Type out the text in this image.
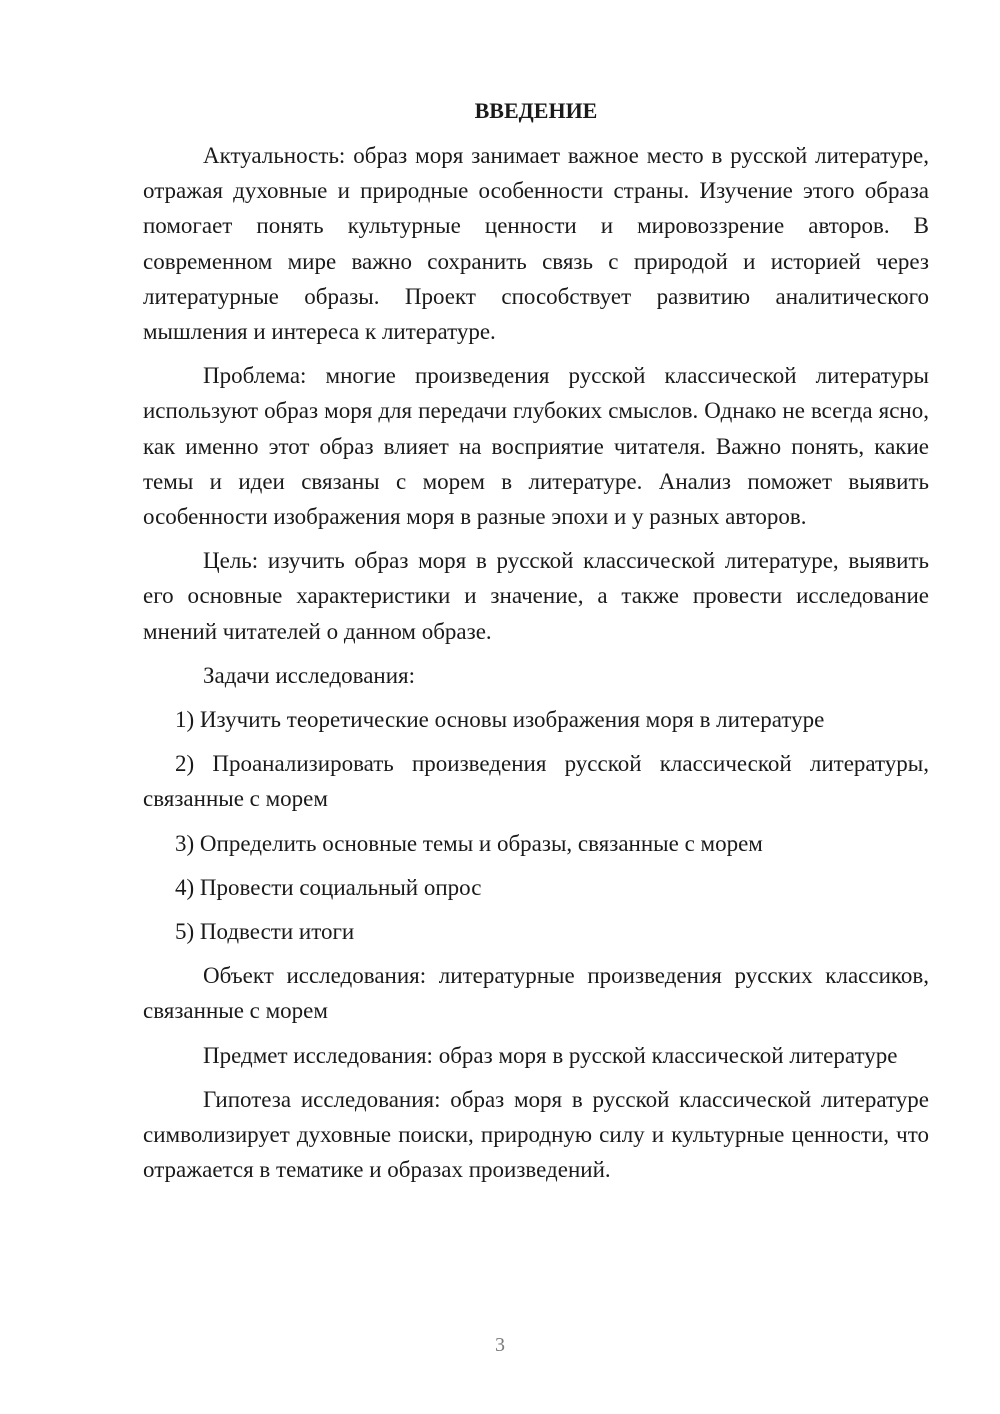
ВВЕДЕНИЕ

Актуальность: образ моря занимает важное место в русской литературе, отражая духовные и природные особенности страны. Изучение этого образа помогает понять культурные ценности и мировоззрение авторов. В современном мире важно сохранить связь с природой и историей через литературные образы. Проект способствует развитию аналитического мышления и интереса к литературе.

Проблема: многие произведения русской классической литературы используют образ моря для передачи глубоких смыслов. Однако не всегда ясно, как именно этот образ влияет на восприятие читателя. Важно понять, какие темы и идеи связаны с морем в литературе. Анализ поможет выявить особенности изображения моря в разные эпохи и у разных авторов.

Цель: изучить образ моря в русской классической литературе, выявить его основные характеристики и значение, а также провести исследование мнений читателей о данном образе.

Задачи исследования:

1) Изучить теоретические основы изображения моря в литературе

2) Проанализировать произведения русской классической литературы, связанные с морем

3) Определить основные темы и образы, связанные с морем

4) Провести социальный опрос

5) Подвести итоги

Объект исследования: литературные произведения русских классиков, связанные с морем

Предмет исследования: образ моря в русской классической литературе

Гипотеза исследования: образ моря в русской классической литературе символизирует духовные поиски, природную силу и культурные ценности, что отражается в тематике и образах произведений.

3
